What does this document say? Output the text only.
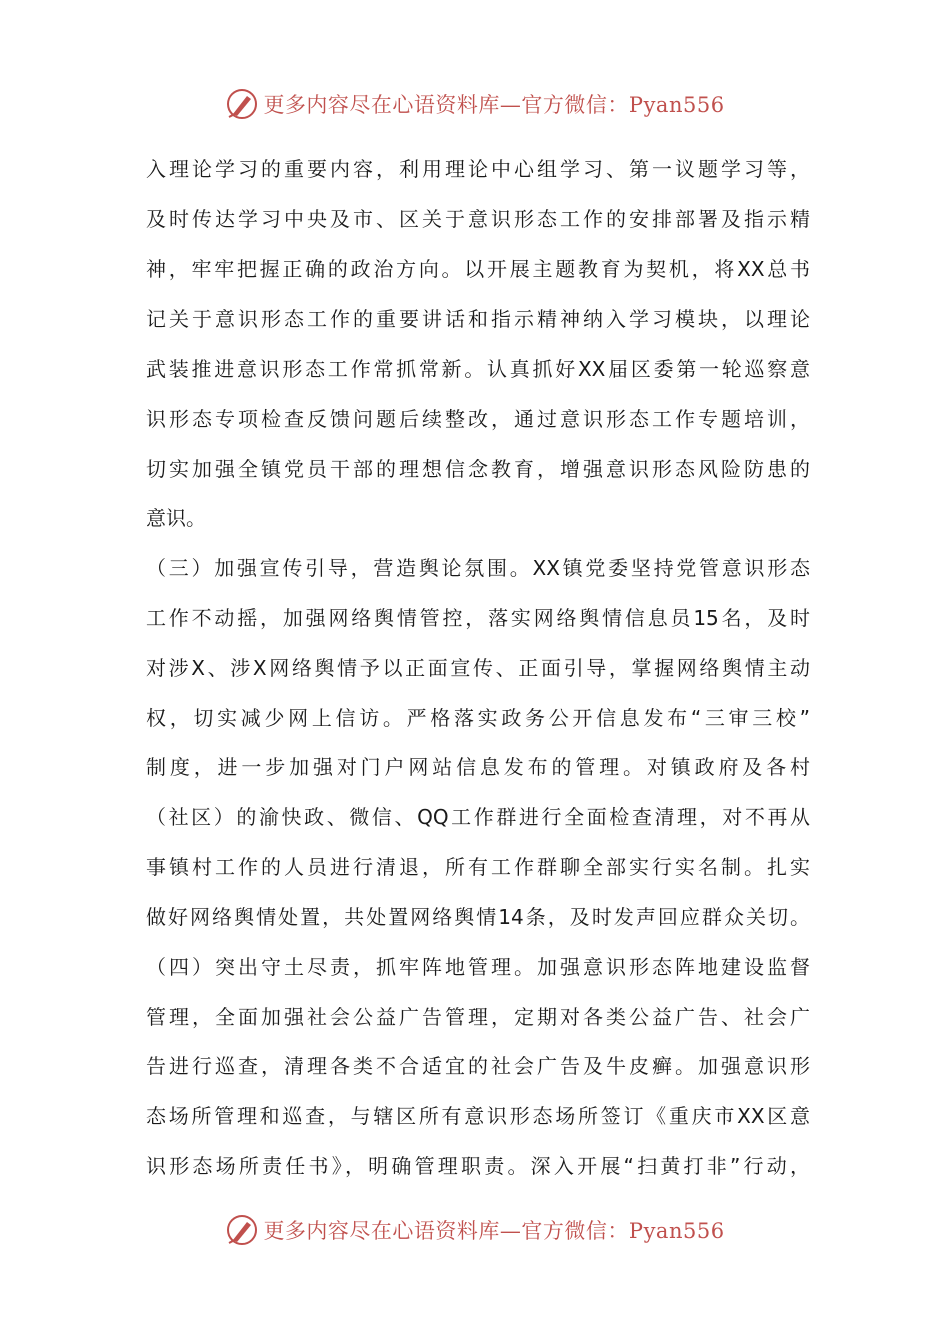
更多内容尽在心语资料库—官方微信：Pyan556
入理论学习的重要内容，利用理论中心组学习、第一议题学习等，
及时传达学习中央及市、区关于意识形态工作的安排部署及指示精
神，牢牢把握正确的政治方向。以开展主题教育为契机，将XX总书
记关于意识形态工作的重要讲话和指示精神纳入学习模块，以理论
武装推进意识形态工作常抓常新。认真抓好XX届区委第一轮巡察意
识形态专项检查反馈问题后续整改，通过意识形态工作专题培训，
切实加强全镇党员干部的理想信念教育，增强意识形态风险防患的
意识。
（三）加强宣传引导，营造舆论氛围。XX镇党委坚持党管意识形态
工作不动摇，加强网络舆情管控，落实网络舆情信息员15名，及时
对涉X、涉X网络舆情予以正面宣传、正面引导，掌握网络舆情主动
权，切实减少网上信访。严格落实政务公开信息发布“三审三校”
制度，进一步加强对门户网站信息发布的管理。对镇政府及各村
（社区）的渝快政、微信、QQ工作群进行全面检查清理，对不再从
事镇村工作的人员进行清退，所有工作群聊全部实行实名制。扎实
做好网络舆情处置，共处置网络舆情14条，及时发声回应群众关切。
（四）突出守土尽责，抓牢阵地管理。加强意识形态阵地建设监督
管理，全面加强社会公益广告管理，定期对各类公益广告、社会广
告进行巡查，清理各类不合适宜的社会广告及牛皮癣。加强意识形
态场所管理和巡查，与辖区所有意识形态场所签订《重庆市XX区意
识形态场所责任书》，明确管理职责。深入开展“扫黄打非”行动，
更多内容尽在心语资料库—官方微信：Pyan556
